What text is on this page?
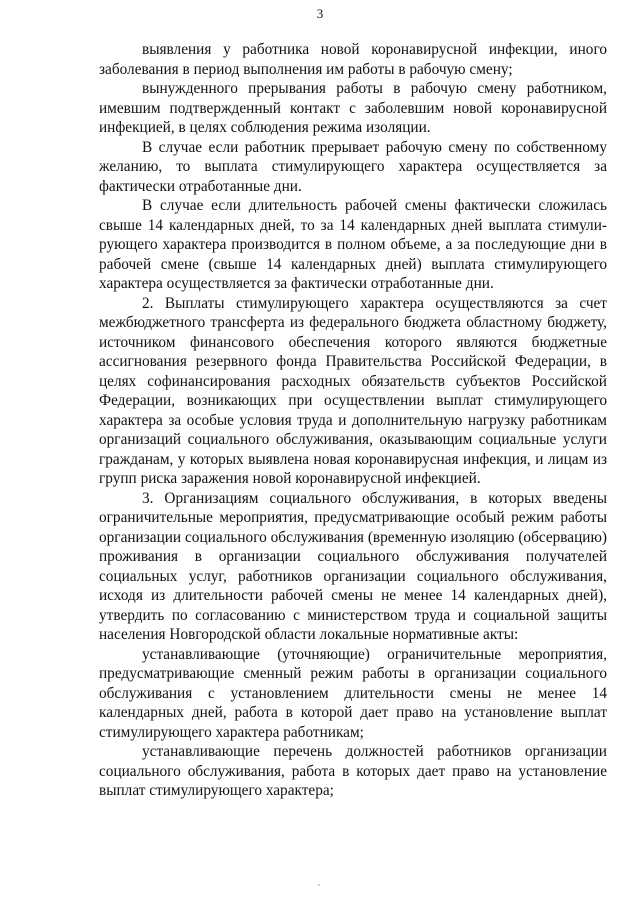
3

выявления у работника новой коронавирусной инфекции, иного заболевания в период выполнения им работы в рабочую смену;

вынужденного прерывания работы в рабочую смену работником, имевшим подтвержденный контакт с заболевшим новой коронавирусной инфекцией, в целях соблюдения режима изоляции.

В случае если работник прерывает рабочую смену по собственному желанию, то выплата стимулирующего характера осуществляется за фактически отработанные дни.

В случае если длительность рабочей смены фактически сложилась свыше 14 календарных дней, то за 14 календарных дней выплата стимулирующего характера производится в полном объеме, а за последующие дни в рабочей смене (свыше 14 календарных дней) выплата стимулирующего характера осуществляется за фактически отработанные дни.

2. Выплаты стимулирующего характера осуществляются за счет межбюджетного трансферта из федерального бюджета областному бюджету, источником финансового обеспечения которого являются бюджетные ассигнования резервного фонда Правительства Российской Федерации, в целях софинансирования расходных обязательств субъектов Российской Федерации, возникающих при осуществлении выплат стимулирующего характера за особые условия труда и дополнительную нагрузку работникам организаций социального обслуживания, оказывающим социальные услуги гражданам, у которых выявлена новая коронавирусная инфекция, и лицам из групп риска заражения новой коронавирусной инфекцией.

3. Организациям социального обслуживания, в которых введены ограничительные мероприятия, предусматривающие особый режим работы организации социального обслуживания (временную изоляцию (обсервацию) проживания в организации социального обслуживания получателей социальных услуг, работников организации социального обслуживания, исходя из длительности рабочей смены не менее 14 календарных дней), утвердить по согласованию с министерством труда и социальной защиты населения Новгородской области локальные нормативные акты:

устанавливающие (уточняющие) ограничительные мероприятия, предусматривающие сменный режим работы в организации социального обслуживания с установлением длительности смены не менее 14 календарных дней, работа в которой дает право на установление выплат стимулирующего характера работникам;

устанавливающие перечень должностей работников организации социального обслуживания, работа в которых дает право на установление выплат стимулирующего характера;
